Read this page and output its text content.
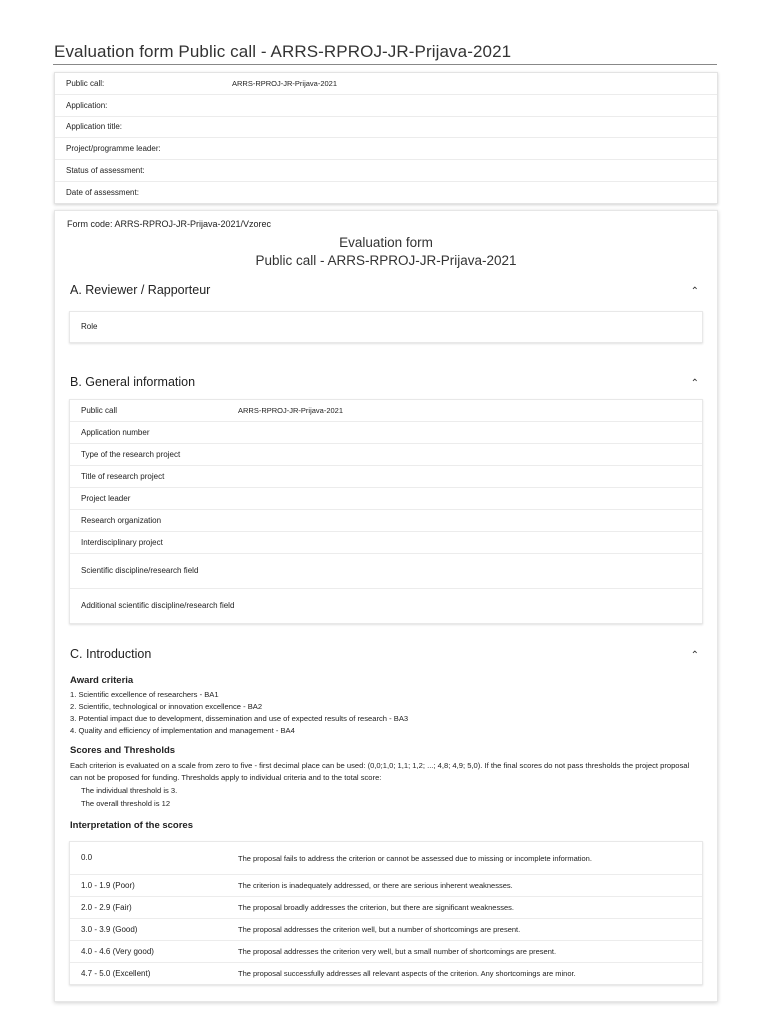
Evaluation form Public call - ARRS-RPROJ-JR-Prijava-2021
Public call:	ARRS-RPROJ-JR-Prijava-2021
Application:
Application title:
Project/programme leader:
Status of assessment:
Date of assessment:
Form code: ARRS-RPROJ-JR-Prijava-2021/Vzorec
Evaluation form
Public call - ARRS-RPROJ-JR-Prijava-2021
A. Reviewer / Rapporteur	⌃
Role
B. General information	⌃
Public call	ARRS-RPROJ-JR-Prijava-2021
Application number
Type of the research project
Title of research project
Project leader
Research organization
Interdisciplinary project
Scientific discipline/research field
Additional scientific discipline/research field
C. Introduction	⌃
Award criteria
1. Scientific excellence of researchers - BA1
2. Scientific, technological or innovation excellence - BA2
3. Potential impact due to development, dissemination and use of expected results of research - BA3
4. Quality and efficiency of implementation and management - BA4
Scores and Thresholds
Each criterion is evaluated on a scale from zero to five - first decimal place can be used: (0,0;1,0; 1,1; 1,2; ...; 4,8; 4,9; 5,0). If the final scores do not pass thresholds the project proposal can not be proposed for funding. Thresholds apply to individual criteria and to the total score:
The individual threshold is 3.
The overall threshold is 12
Interpretation of the scores
0.0	The proposal fails to address the criterion or cannot be assessed due to missing or incomplete information.
1.0 - 1.9 (Poor)	The criterion is inadequately addressed, or there are serious inherent weaknesses.
2.0 - 2.9 (Fair)	The proposal broadly addresses the criterion, but there are significant weaknesses.
3.0 - 3.9 (Good)	The proposal addresses the criterion well, but a number of shortcomings are present.
4.0 - 4.6 (Very good)	The proposal addresses the criterion very well, but a small number of shortcomings are present.
4.7 - 5.0 (Excellent)	The proposal successfully addresses all relevant aspects of the criterion. Any shortcomings are minor.
